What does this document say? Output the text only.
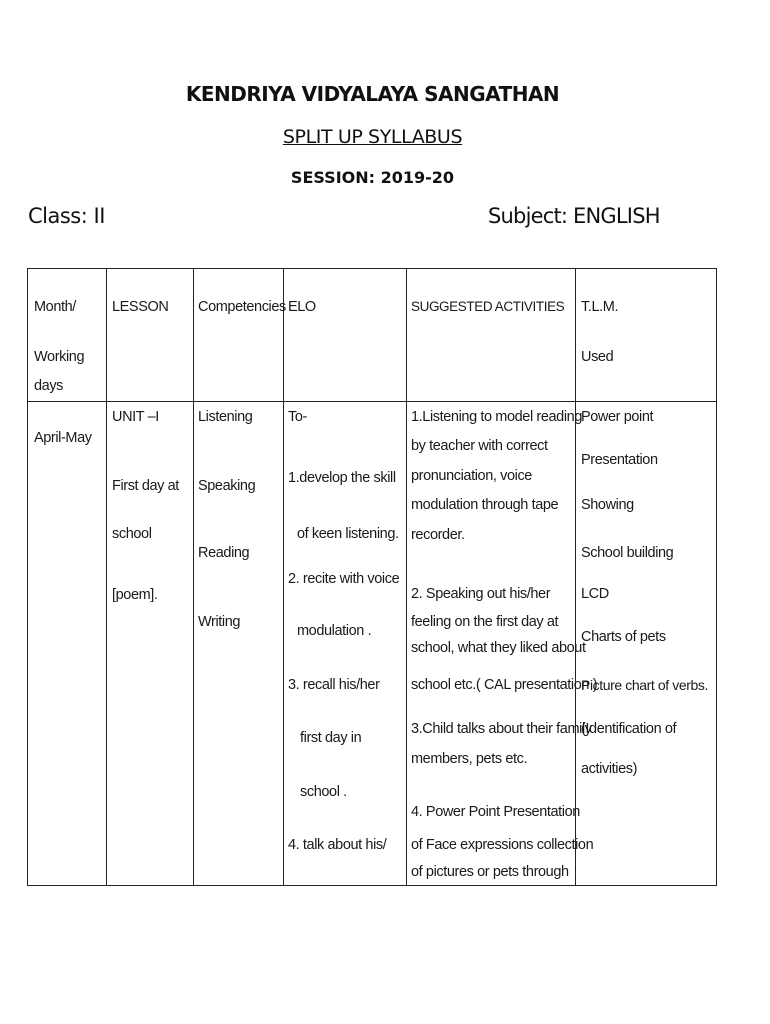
KENDRIYA VIDYALAYA SANGATHAN
SPLIT UP SYLLABUS
SESSION: 2019-20
Class: II	Subject: ENGLISH
Month/
Working
days
LESSON Competencies ELO	SUGGESTED ACTIVITIES T.L.M.
Used
April-May
UNIT –I
First day at
school
[poem].
Listening
Speaking
Reading
Writing
To-
1.develop the skill
of keen listening.
2. recite with voice
modulation .
3. recall his/her
first day in
school .
4. talk about his/
1.Listening to model reading
by teacher with correct
pronunciation, voice
modulation through tape
recorder.
2. Speaking out his/her
feeling on the first day at
school, what they liked about
school etc.( CAL presentation )
3.Child talks about their family
members, pets etc.
4. Power Point Presentation
of Face expressions collection
of pictures or pets through
Power point
Presentation
Showing
School building
LCD
Charts of pets
Picture chart of verbs.
(Identification of
activities)
